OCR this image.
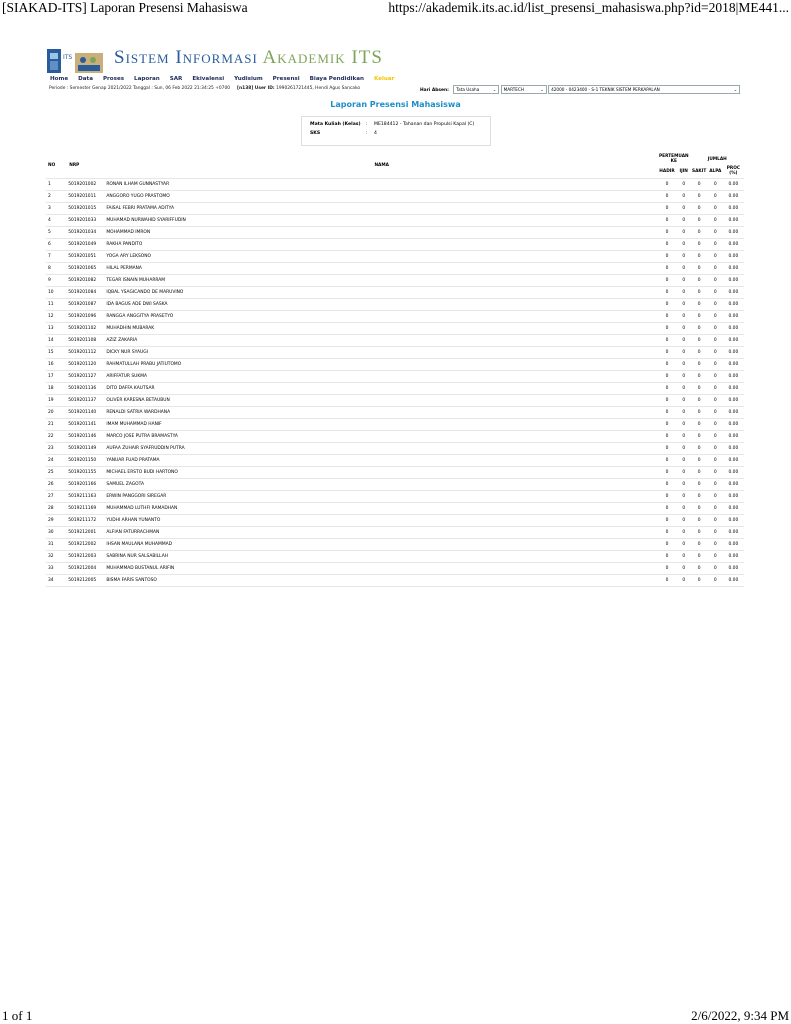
[SIAKAD-ITS] Laporan Presensi Mahasiswa	https://akademik.its.ac.id/list_presensi_mahasiswa.php?id=2018|ME441...
ITS Sistem Informasi Akademik ITS
Home Data Proses Laporan SAR Ekivalensi Yudisium Presensi Biaya Pendidikan Keluar
Periode : Semester Genap 2021/2022 Tanggal : Sun, 06 Feb 2022 21:34:25 +0700 [n138] User ID: 1990261721445, Hendi Agus Sancako	Hari Absen: Tata Usaha	⌄ MARTECH	⌄ 42000 - 0423400 - S-1 TEKNIK SISTEM PERKAPALAN	⌄
Laporan Presensi Mahasiswa
Mata Kuliah (Kelas) : ME184412 - Tahanan dan Propulsi Kapal (C)
SKS	: 4
NO	NRP	NAMA	PERTEMUAN KE		JUMLAH		
			HADIR	IJIN	SAKIT	ALPA	PROC (%)
1	5019201002	RONAN ILHAM GUNNASTYAR	0	0	0	0	0.00
2	5019201011	ANGGORO YUGO PRASTOMO	0	0	0	0	0.00
3	5019201015	FAISAL FEBRI PRATAMA ADITYA	0	0	0	0	0.00
4	5019201033	MUHAMAD NURWAHID SYARIFFUDIN	0	0	0	0	0.00
5	5019201034	MOHAMMAD IMRON	0	0	0	0	0.00
6	5019201049	RAKHA PANDITO	0	0	0	0	0.00
7	5019201051	YOGA ARY LEKSONO	0	0	0	0	0.00
8	5019201065	HILAL PERMANA	0	0	0	0	0.00
9	5019201082	TEGAR ISNAIN MUHARRAM	0	0	0	0	0.00
10	5019201084	IQBAL YSAGICANDO DE MARUVINO	0	0	0	0	0.00
11	5019201087	IDA BAGUS ADE DWI SASKA	0	0	0	0	0.00
12	5019201096	RANGGA ANGGITYA PRASETYO	0	0	0	0	0.00
13	5019201102	MUHADHIN MUBARAK	0	0	0	0	0.00
14	5019201108	AZIZ ZAKARIA	0	0	0	0	0.00
15	5019201112	DICKY NUR SYAUGI	0	0	0	0	0.00
16	5019201120	RAHMATULLAH PRABU JATIUTOMO	0	0	0	0	0.00
17	5019201127	ARIFFATUR SUKMA	0	0	0	0	0.00
18	5019201136	DITO DAFFA KAUTSAR	0	0	0	0	0.00
19	5019201137	OLIVER KARESNA BETAUBUN	0	0	0	0	0.00
20	5019201140	RENALDI SATRIA WARDHANA	0	0	0	0	0.00
21	5019201141	IMAM MUHAMMAD HANIF	0	0	0	0	0.00
22	5019201146	MARCO JOSE PUTRA BRAMASTYA	0	0	0	0	0.00
23	5019201149	AUFAA ZUHAIR SYAFRUDDIN PUTRA	0	0	0	0	0.00
24	5019201150	YANUAR FUAD PRATAMA	0	0	0	0	0.00
25	5019201155	MICHAEL ERSTO BUDI HARTONO	0	0	0	0	0.00
26	5019201166	SAMUEL ZAGOTA	0	0	0	0	0.00
27	5019211163	ERWIN PANGGORI SIREGAR	0	0	0	0	0.00
28	5019211169	MUHAMMAD LUTHFI RAMADHAN	0	0	0	0	0.00
29	5019211172	YUDHI ARHAN YUNANTO	0	0	0	0	0.00
30	5019212001	ALFIAN FATURRACHMAN	0	0	0	0	0.00
31	5019212002	IHSAN MAULANA MUHAMMAD	0	0	0	0	0.00
32	5019212003	SABRINA NUR SALSABILLAH	0	0	0	0	0.00
33	5019212004	MUHAMMAD BUSTANUL ARIFIN	0	0	0	0	0.00
34	5019212005	BISMA FARIS SANTOSO	0	0	0	0	0.00
1 of 1	2/6/2022, 9:34 PM
